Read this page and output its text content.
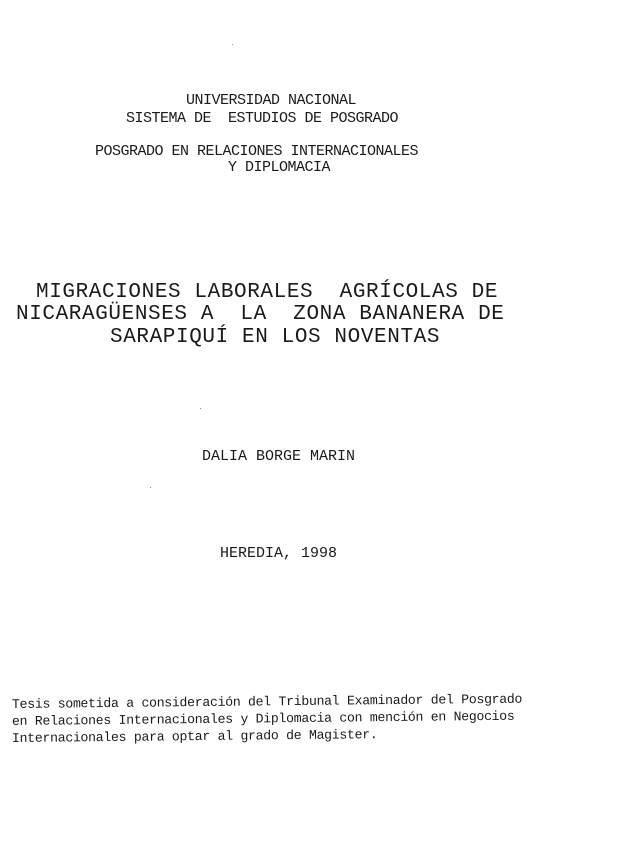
UNIVERSIDAD NACIONAL

SISTEMA DE  ESTUDIOS DE POSGRADO

POSGRADO EN RELACIONES INTERNACIONALES

Y DIPLOMACIA

MIGRACIONES LABORALES  AGRÍCOLAS DE

NICARAGÜENSES A  LA  ZONA BANANERA DE

SARAPIQUÍ EN LOS NOVENTAS

DALIA BORGE MARIN

HEREDIA, 1998

Tesis sometida a consideración del Tribunal Examinador del Posgrado

en Relaciones Internacionales y Diplomacia con mención en Negocios

Internacionales para optar al grado de Magister.
